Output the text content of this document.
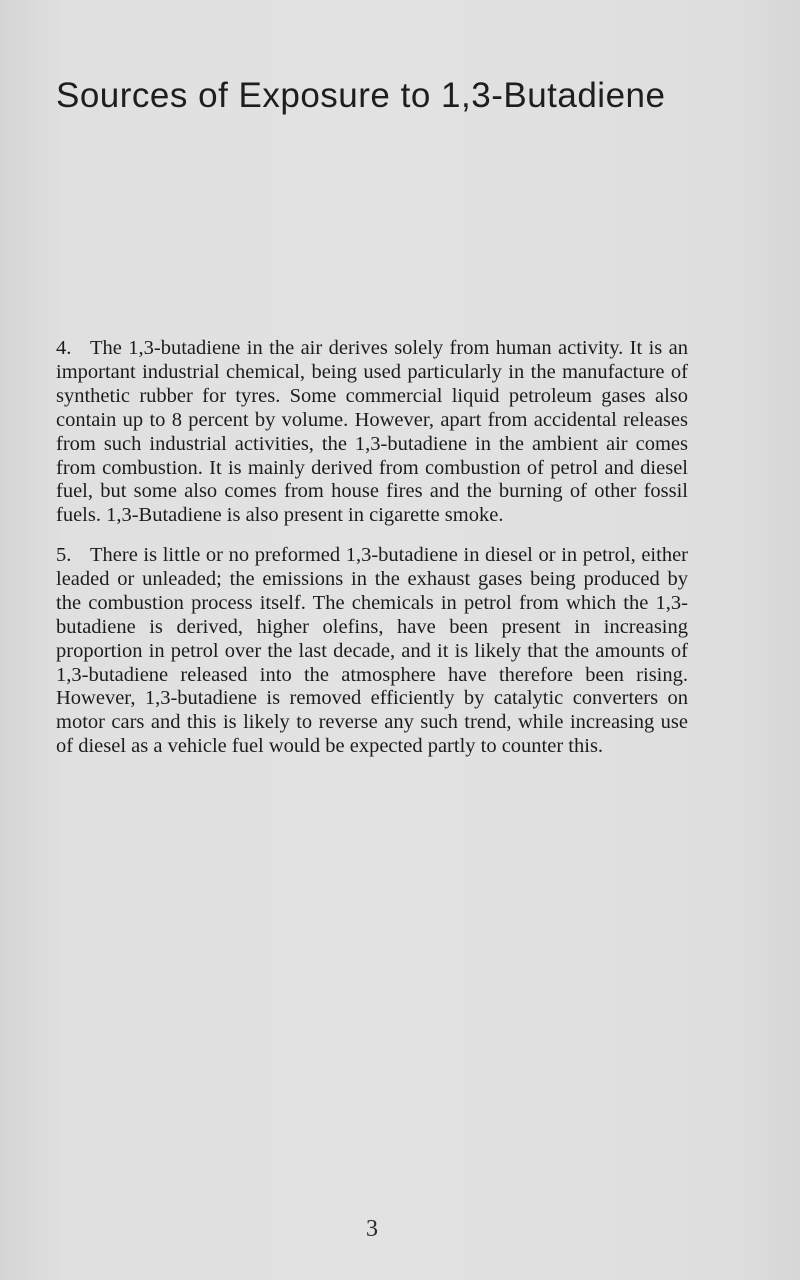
Sources of Exposure to 1,3-Butadiene

4. The 1,3-butadiene in the air derives solely from human activity. It is an important industrial chemical, being used particularly in the manufacture of synthetic rubber for tyres. Some commercial liquid petroleum gases also contain up to 8 percent by volume. However, apart from accidental releases from such industrial activities, the 1,3-butadiene in the ambient air comes from combustion. It is mainly derived from combustion of petrol and diesel fuel, but some also comes from house fires and the burning of other fossil fuels. 1,3-Butadiene is also present in cigarette smoke.

5. There is little or no preformed 1,3-butadiene in diesel or in petrol, either leaded or unleaded; the emissions in the exhaust gases being produced by the combustion process itself. The chemicals in petrol from which the 1,3-butadiene is derived, higher olefins, have been present in increasing proportion in petrol over the last decade, and it is likely that the amounts of 1,3-butadiene released into the atmosphere have therefore been rising. However, 1,3-butadiene is removed efficiently by catalytic converters on motor cars and this is likely to reverse any such trend, while increasing use of diesel as a vehicle fuel would be expected partly to counter this.

3
